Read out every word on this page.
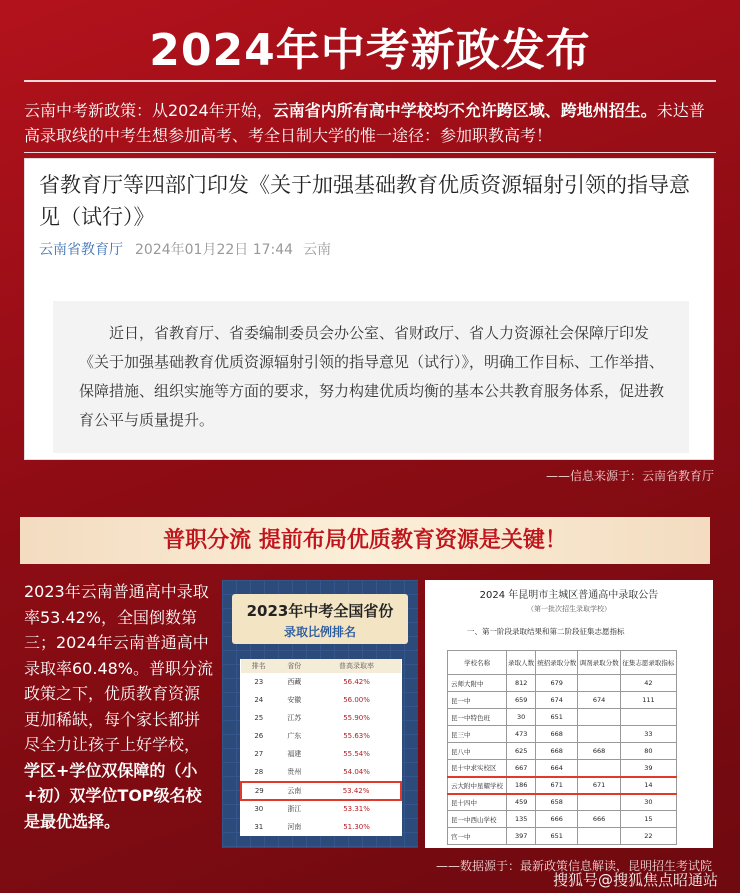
2024年中考新政发布
云南中考新政策：从2024年开始，云南省内所有高中学校均不允许跨区域、跨地州招生。未达普高录取线的中考生想参加高考、考全日制大学的惟一途径：参加职教高考！
省教育厅等四部门印发《关于加强基础教育优质资源辐射引领的指导意见（试行）》
云南省教育厅 2024年01月22日 17:44 云南
近日，省教育厅、省委编制委员会办公室、省财政厅、省人力资源社会保障厅印发《关于加强基础教育优质资源辐射引领的指导意见（试行）》，明确工作目标、工作举措、保障措施、组织实施等方面的要求，努力构建优质均衡的基本公共教育服务体系，促进教育公平与质量提升。
——信息来源于：云南省教育厅
普职分流 提前布局优质教育资源是关键！
2023年云南普通高中录取率53.42%，全国倒数第三；2024年云南普通高中录取率60.48%。普职分流政策之下，优质教育资源更加稀缺，每个家长都拼尽全力让孩子上好学校，学区+学位双保障的（小+初）双学位TOP级名校是最优选择。
2023年中考全国省份
录取比例排名
排名	省份	普高录取率
23	西藏	56.42%
24	安徽	56.00%
25	江苏	55.90%
26	广东	55.63%
27	福建	55.54%
28	贵州	54.04%
29	云南	53.42%
30	浙江	53.31%
31	河南	51.30%
2024 年昆明市主城区普通高中录取公告
（第一批次招生录取学校）
一、第一阶段录取结果和第二阶段征集志愿指标
学校名称	录取人数	统招录取分数	调剂录取分数	征集志愿录取指标
云师大附中	812	679		42
昆一中	659	674	674	111
昆一中特色班	30	651		
昆三中	473	668		33
昆八中	625	668	668	80
昆十中求实校区	667	664		39
云大附中星耀学校	186	671	671	14
昆十四中	459	658		30
昆一中西山学校	135	666	666	15
官一中	397	651		22
——数据源于：最新政策信息解读，昆明招生考试院
搜狐号@搜狐焦点昭通站
